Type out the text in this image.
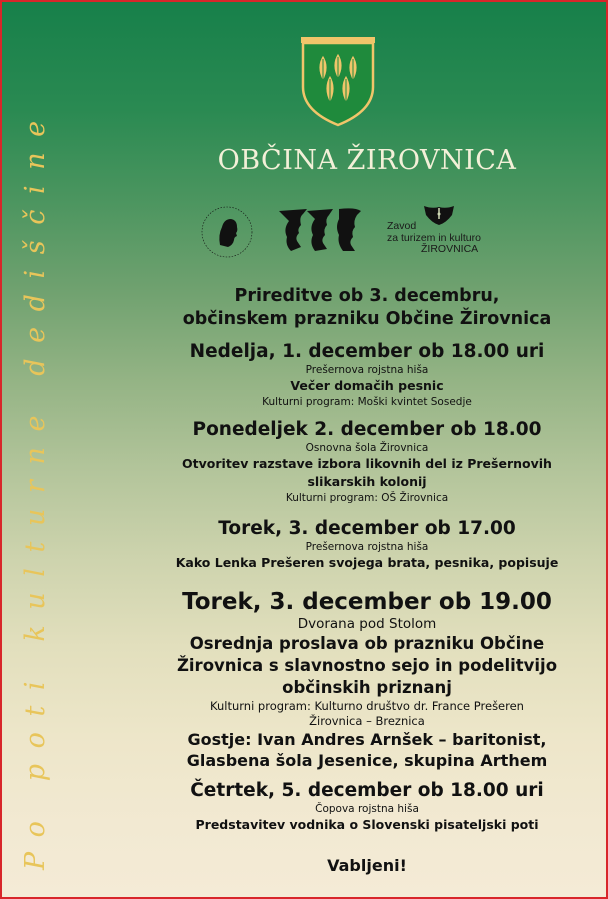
Po poti kulturne dediščine	OBČINA ŽIROVNICA
Zavod
za turizem in kulturo
ŽIROVNICA
Prireditve ob 3. decembru,
občinskem prazniku Občine Žirovnica
Nedelja, 1. december ob 18.00 uri
Prešernova rojstna hiša
Večer domačih pesnic
Kulturni program: Moški kvintet Sosedje
Ponedeljek 2. december ob 18.00
Osnovna šola Žirovnica
Otvoritev razstave izbora likovnih del iz Prešernovih
slikarskih kolonij
Kulturni program: OŠ Žirovnica
Torek, 3. december ob 17.00
Prešernova rojstna hiša
Kako Lenka Prešeren svojega brata, pesnika, popisuje
Torek, 3. december ob 19.00
Dvorana pod Stolom
Osrednja proslava ob prazniku Občine
Žirovnica s slavnostno sejo in podelitvijo
občinskih priznanj
Kulturni program: Kulturno društvo dr. France Prešeren
Žirovnica – Breznica
Gostje: Ivan Andres Arnšek – baritonist,
Glasbena šola Jesenice, skupina Arthem
Četrtek, 5. december ob 18.00 uri
Čopova rojstna hiša
Predstavitev vodnika o Slovenski pisateljski poti
Vabljeni!
